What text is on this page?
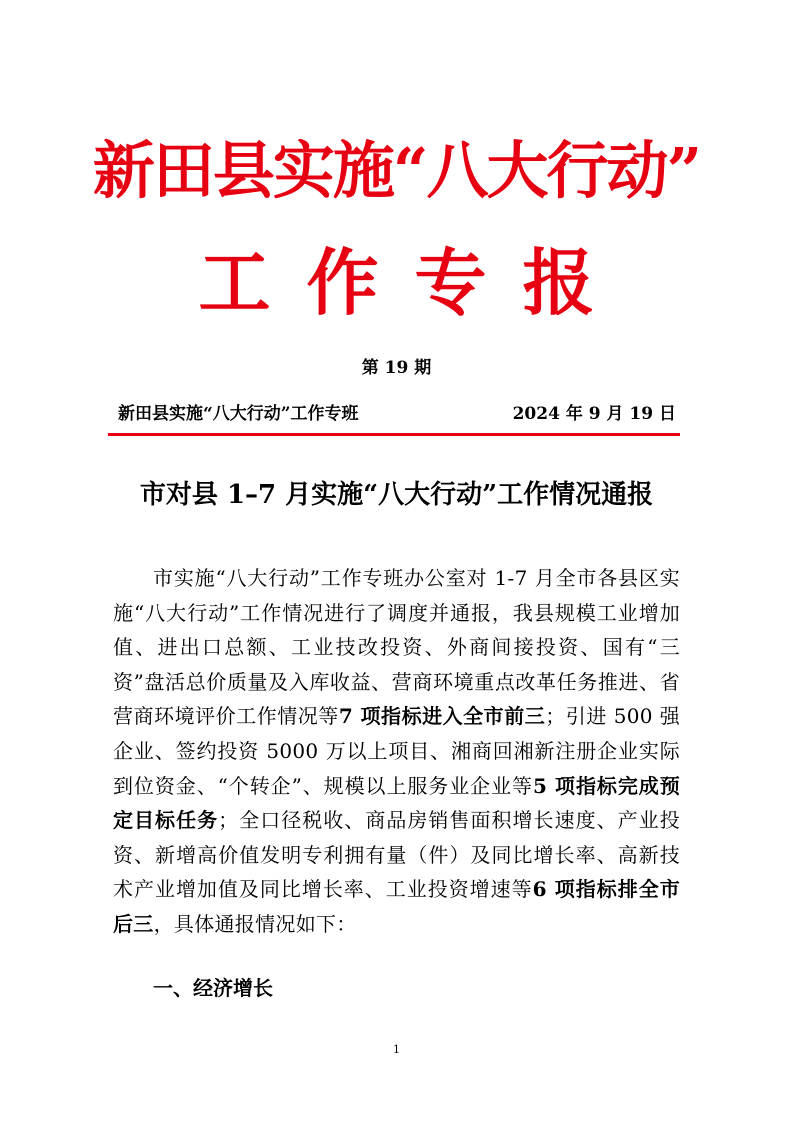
新田县实施“八大行动”
工作专报
第 19 期
新田县实施“八大行动”工作专班	2024 年 9 月 19 日
市对县 1–7 月实施“八大行动”工作情况通报
市实施“八大行动”工作专班办公室对 1-7 月全市各县区实施“八大行动”工作情况进行了调度并通报，我县规模工业增加值、进出口总额、工业技改投资、外商间接投资、国有“三资”盘活总价质量及入库收益、营商环境重点改革任务推进、省营商环境评价工作情况等7 项指标进入全市前三；引进 500 强企业、签约投资 5000 万以上项目、湘商回湘新注册企业实际到位资金、“个转企”、规模以上服务业企业等5 项指标完成预定目标任务；全口径税收、商品房销售面积增长速度、产业投资、新增高价值发明专利拥有量（件）及同比增长率、高新技术产业增加值及同比增长率、工业投资增速等6 项指标排全市后三，具体通报情况如下：
一、经济增长
1
